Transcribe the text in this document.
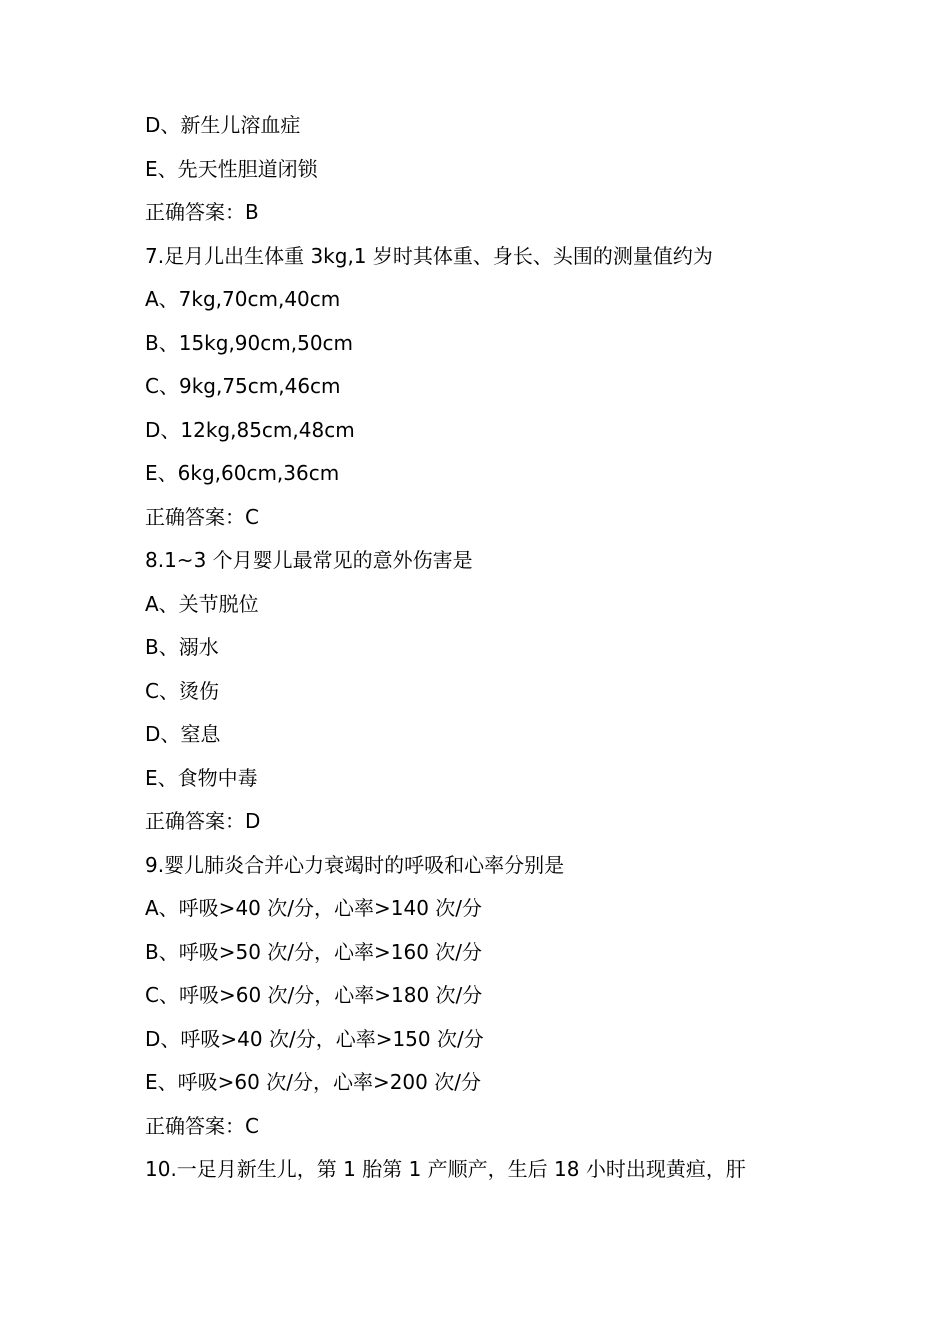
D、新生儿溶血症
E、先天性胆道闭锁
正确答案：B
7.足月儿出生体重 3kg,1 岁时其体重、身长、头围的测量值约为
A、7kg,70cm,40cm
B、15kg,90cm,50cm
C、9kg,75cm,46cm
D、12kg,85cm,48cm
E、6kg,60cm,36cm
正确答案：C
8.1~3 个月婴儿最常见的意外伤害是
A、关节脱位
B、溺水
C、烫伤
D、窒息
E、食物中毒
正确答案：D
9.婴儿肺炎合并心力衰竭时的呼吸和心率分别是
A、呼吸>40 次/分，心率>140 次/分
B、呼吸>50 次/分，心率>160 次/分
C、呼吸>60 次/分，心率>180 次/分
D、呼吸>40 次/分，心率>150 次/分
E、呼吸>60 次/分，心率>200 次/分
正确答案：C
10.一足月新生儿，第 1 胎第 1 产顺产，生后 18 小时出现黄疸，肝
